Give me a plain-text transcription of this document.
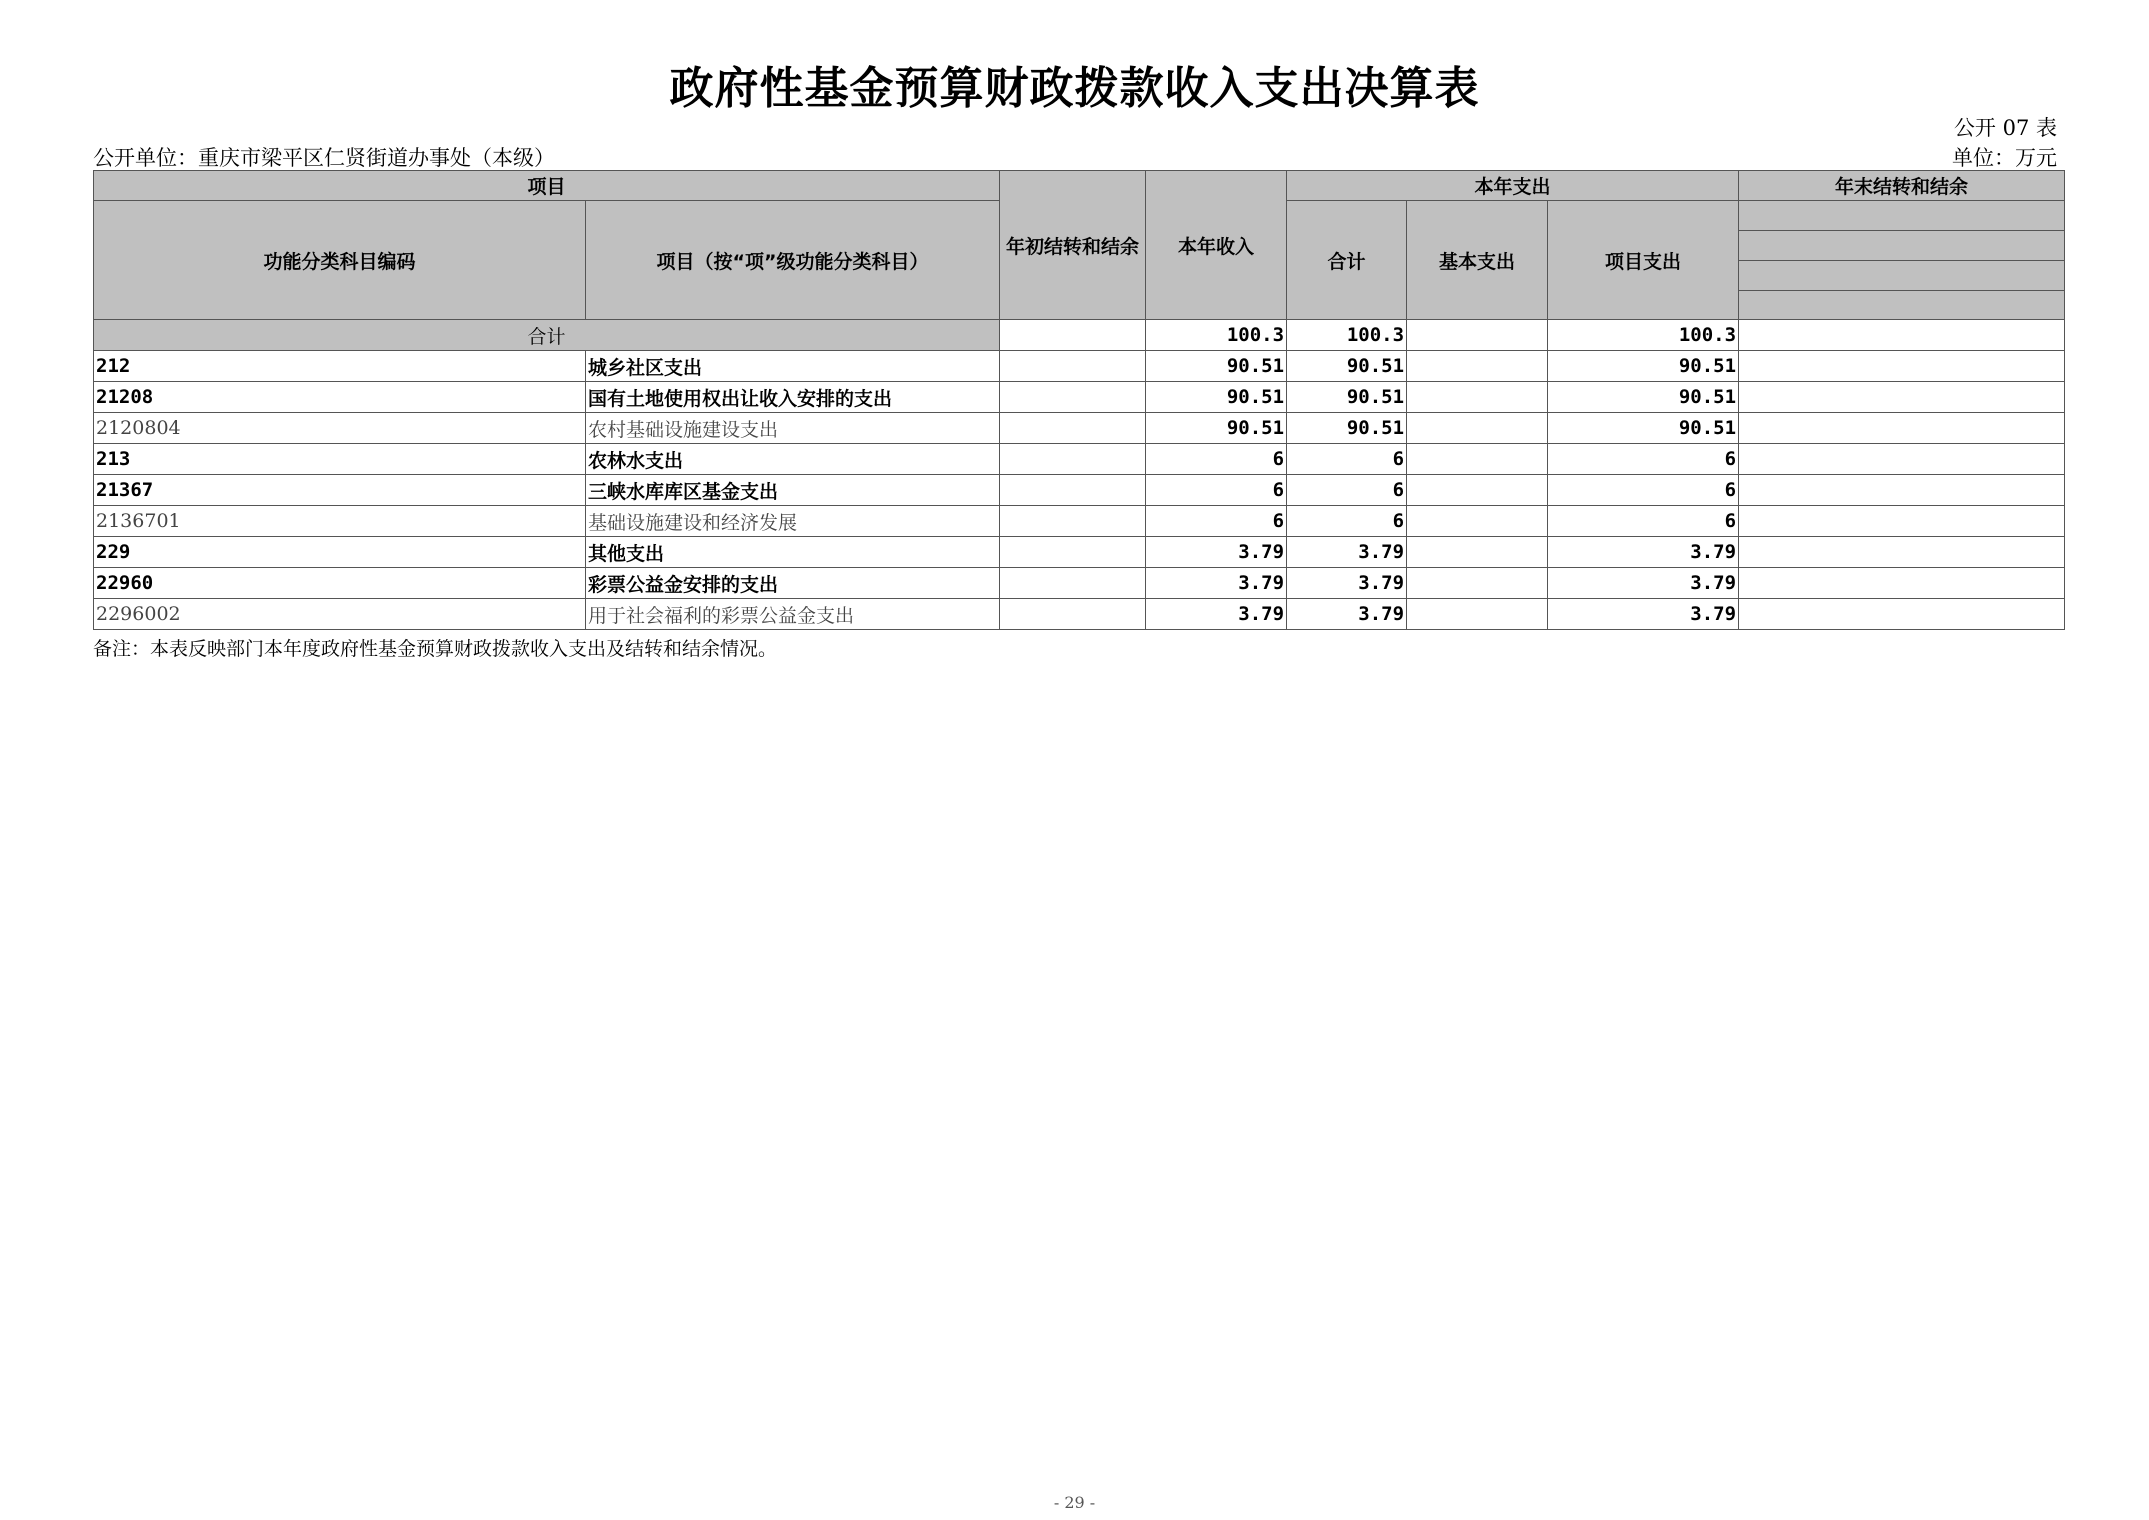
政府性基金预算财政拨款收入支出决算表
公开 07 表
公开单位：重庆市梁平区仁贤街道办事处（本级）	单位：万元
项目		年初结转和结余	本年收入	本年支出			年末结转和结余
功能分类科目编码	项目（按“项”级功能分类科目）			合计	基本支出	项目支出	

合计			100.3	100.3		100.3	
212	城乡社区支出		90.51	90.51		90.51	
21208	国有土地使用权出让收入安排的支出		90.51	90.51		90.51	
2120804	农村基础设施建设支出		90.51	90.51		90.51	
213	农林水支出		6	6		6	
21367	三峡水库库区基金支出		6	6		6	
2136701	基础设施建设和经济发展		6	6		6	
229	其他支出		3.79	3.79		3.79	
22960	彩票公益金安排的支出		3.79	3.79		3.79	
2296002	用于社会福利的彩票公益金支出		3.79	3.79		3.79	
备注：本表反映部门本年度政府性基金预算财政拨款收入支出及结转和结余情况。
- 29 -
